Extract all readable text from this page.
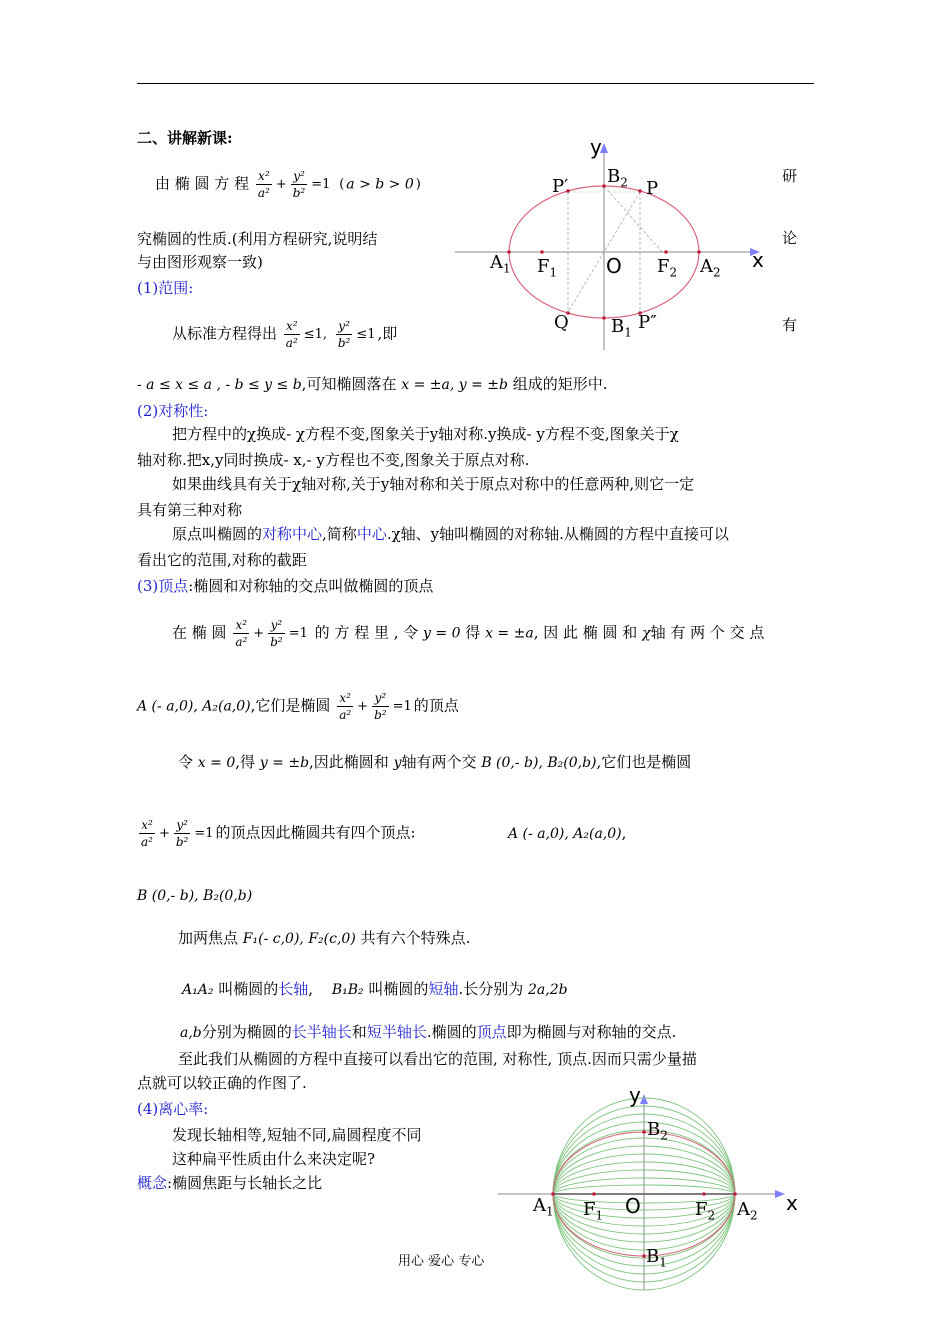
二、讲解新课:
由 椭 圆 方 程 $\frac{\text{x²}}{\text{a²}} + \frac{\text{y²}}{\text{b²}} =1$ ( a > b > 0 )	研
论
有
究椭圆的性质.(利用方程研究,说明结
与由图形观察一致)
(1)范围:
从标准方程得出 $\frac{\text{x²}}{\text{a²}} \le 1$, $\frac{\text{y²}}{\text{b²}} \le 1$ ,即
- a ≤ x ≤ a , - b ≤ y ≤ b,可知椭圆落在 x = ±a, y = ±b 组成的矩形中.
(2)对称性:
把方程中的χ换成- χ方程不变,图象关于y轴对称.y换成- y方程不变,图象关于χ
轴对称.把x,y同时换成- x,- y方程也不变,图象关于原点对称.
如果曲线具有关于χ轴对称,关于y轴对称和关于原点对称中的任意两种,则它一定
具有第三种对称
原点叫椭圆的对称中心,简称中心.χ轴、y轴叫椭圆的对称轴.从椭圆的方程中直接可以
看出它的范围,对称的截距
(3)顶点:椭圆和对称轴的交点叫做椭圆的顶点
在 椭 圆 $\frac{\text{x²}}{\text{a²}} + \frac{\text{y²}}{\text{b²}} =1$ 的 方 程 里 , 令 y = 0 得 x = ±a, 因 此 椭 圆 和 χ轴 有 两 个 交 点
A (- a,0), A₂(a,0),它们是椭圆 $\frac{\text{x²}}{\text{a²}} + \frac{\text{y²}}{\text{b²}} =1$ 的顶点
令 x = 0,得 y = ±b,因此椭圆和 y轴有两个交 B (0,- b), B₂(0,b),它们也是椭圆
$\frac{\text{x²}}{\text{a²}} + \frac{\text{y²}}{\text{b²}} =1$ 的顶点因此椭圆共有四个顶点:	A (- a,0), A₂(a,0),
B (0,- b), B₂(0,b)
加两焦点 F₁(- c,0), F₂(c,0) 共有六个特殊点.
A₁A₂ 叫椭圆的长轴, B₁B₂ 叫椭圆的短轴.长分别为 2a,2b
a,b分别为椭圆的长半轴长和短半轴长.椭圆的顶点即为椭圆与对称轴的交点.
至此我们从椭圆的方程中直接可以看出它的范围, 对称性, 顶点.因而只需少量描
点就可以较正确的作图了.
(4)离心率:
发现长轴相等,短轴不同,扁圆程度不同
这种扁平性质由什么来决定呢?
概念:椭圆焦距与长轴长之比
用心 爱心 专心
y
x
O
$B_2$ P
P′
$A_1$ $F_1$	$F_2$ $A_2$
Q $B_1$ P″
y
x
O
$B_2$
$A_1$ $F_1$	$F_2$ $A_2$
$B_1$
